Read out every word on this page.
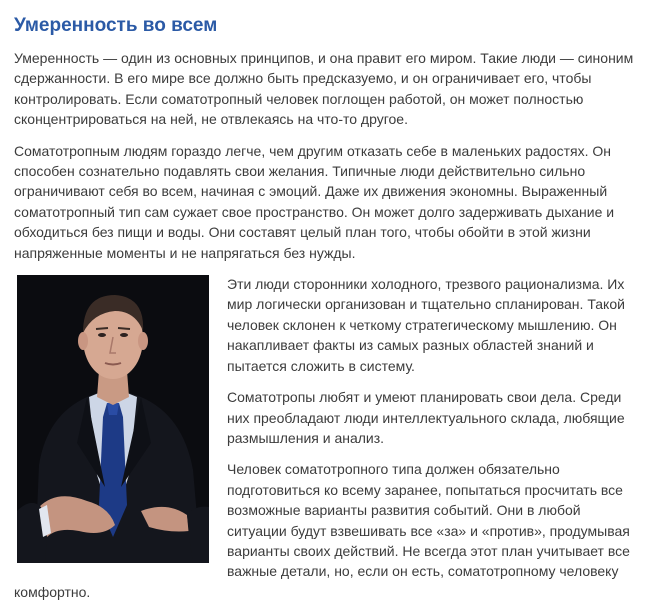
Умеренность во всем

Умеренность — один из основных принципов, и она правит его миром. Такие люди — синоним сдержанности. В его мире все должно быть предсказуемо, и он ограничивает его, чтобы контролировать. Если соматотропный человек поглощен работой, он может полностью сконцентрироваться на ней, не отвлекаясь на что-то другое.

Соматотропным людям гораздо легче, чем другим отказать себе в маленьких радостях. Он способен сознательно подавлять свои желания. Типичные люди действительно сильно ограничивают себя во всем, начиная с эмоций. Даже их движения экономны. Выраженный соматотропный тип сам сужает свое пространство. Он может долго задерживать дыхание и обходиться без пищи и воды. Они составят целый план того, чтобы обойти в этой жизни напряженные моменты и не напрягаться без нужды.

Эти люди сторонники холодного, трезвого рационализма. Их мир логически организован и тщательно спланирован. Такой человек склонен к четкому стратегическому мышлению. Он накапливает факты из самых разных областей знаний и пытается сложить в систему.

Соматотропы любят и умеют планировать свои дела. Среди них преобладают люди интеллектуального склада, любящие размышления и анализ.

Человек соматотропного типа должен обязательно подготовиться ко всему заранее, попытаться просчитать все возможные варианты развития событий. Они в любой ситуации будут взвешивать все «за» и «против», продумывая варианты своих действий. Не всегда этот план учитывает все важные детали, но, если он есть, соматотропному человеку комфортно.
